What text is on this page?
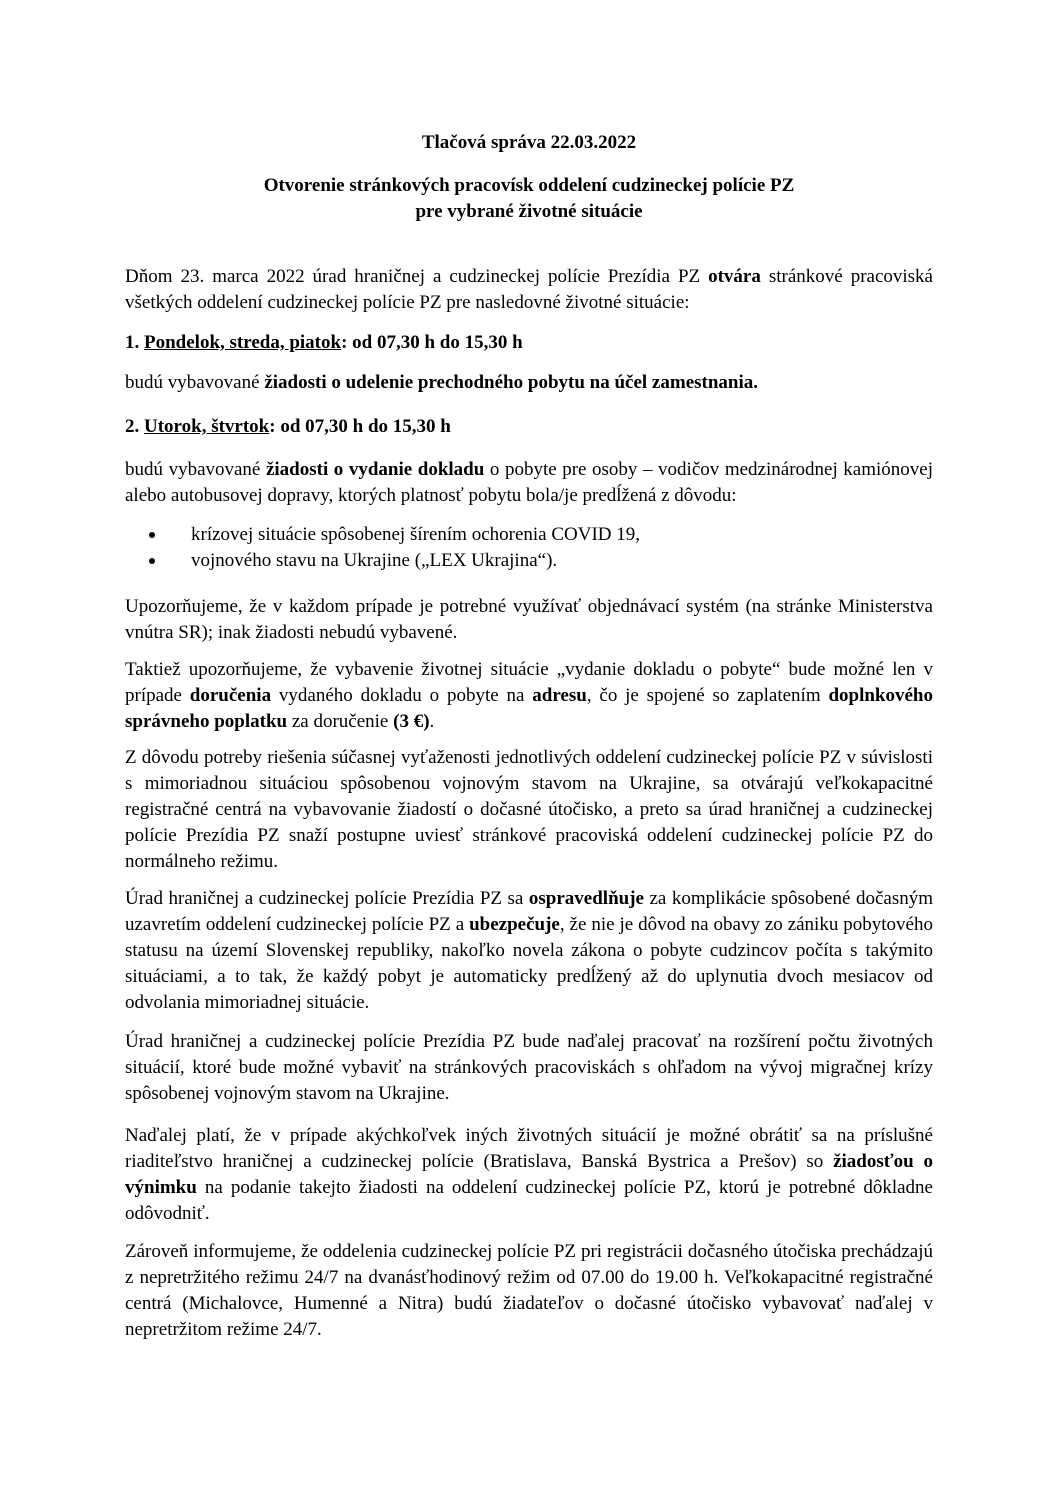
Tlačová správa 22.03.2022

Otvorenie stránkových pracovísk oddelení cudzineckej polície PZ
pre vybrané životné situácie

Dňom 23. marca 2022 úrad hraničnej a cudzineckej polície Prezídia PZ otvára stránkové pracoviská všetkých oddelení cudzineckej polície PZ pre nasledovné životné situácie:

1. Pondelok, streda, piatok: od 07,30 h do 15,30 h

budú vybavované žiadosti o udelenie prechodného pobytu na účel zamestnania.

2. Utorok, štvrtok: od 07,30 h do 15,30 h

budú vybavované žiadosti o vydanie dokladu o pobyte pre osoby – vodičov medzinárodnej kamiónovej alebo autobusovej dopravy, ktorých platnosť pobytu bola/je predĺžená z dôvodu:

krízovej situácie spôsobenej šírením ochorenia COVID 19,
vojnového stavu na Ukrajine („LEX Ukrajina“).

Upozorňujeme, že v každom prípade je potrebné využívať objednávací systém (na stránke Ministerstva vnútra SR); inak žiadosti nebudú vybavené.

Taktiež upozorňujeme, že vybavenie životnej situácie „vydanie dokladu o pobyte“ bude možné len v prípade doručenia vydaného dokladu o pobyte na adresu, čo je spojené so zaplatením doplnkového správneho poplatku za doručenie (3 €).

Z dôvodu potreby riešenia súčasnej vyťaženosti jednotlivých oddelení cudzineckej polície PZ v súvislosti s mimoriadnou situáciou spôsobenou vojnovým stavom na Ukrajine, sa otvárajú veľkokapacitné registračné centrá na vybavovanie žiadostí o dočasné útočisko, a preto sa úrad hraničnej a cudzineckej polície Prezídia PZ snaží postupne uviesť stránkové pracoviská oddelení cudzineckej polície PZ do normálneho režimu.

Úrad hraničnej a cudzineckej polície Prezídia PZ sa ospravedlňuje za komplikácie spôsobené dočasným uzavretím oddelení cudzineckej polície PZ a ubezpečuje, že nie je dôvod na obavy zo zániku pobytového statusu na území Slovenskej republiky, nakoľko novela zákona o pobyte cudzincov počíta s takýmito situáciami, a to tak, že každý pobyt je automaticky predĺžený až do uplynutia dvoch mesiacov od odvolania mimoriadnej situácie.

Úrad hraničnej a cudzineckej polície Prezídia PZ bude naďalej pracovať na rozšírení počtu životných situácií, ktoré bude možné vybaviť na stránkových pracoviskách s ohľadom na vývoj migračnej krízy spôsobenej vojnovým stavom na Ukrajine.

Naďalej platí, že v prípade akýchkoľvek iných životných situácií je možné obrátiť sa na príslušné riaditeľstvo hraničnej a cudzineckej polície (Bratislava, Banská Bystrica a Prešov) so žiadosťou o výnimku na podanie takejto žiadosti na oddelení cudzineckej polície PZ, ktorú je potrebné dôkladne odôvodniť.

Zároveň informujeme, že oddelenia cudzineckej polície PZ pri registrácii dočasného útočiska prechádzajú z nepretržitého režimu 24/7 na dvanásťhodinový režim od 07.00 do 19.00 h. Veľkokapacitné registračné centrá (Michalovce, Humenné a Nitra) budú žiadateľov o dočasné útočisko vybavovať naďalej v nepretržitom režime 24/7.
